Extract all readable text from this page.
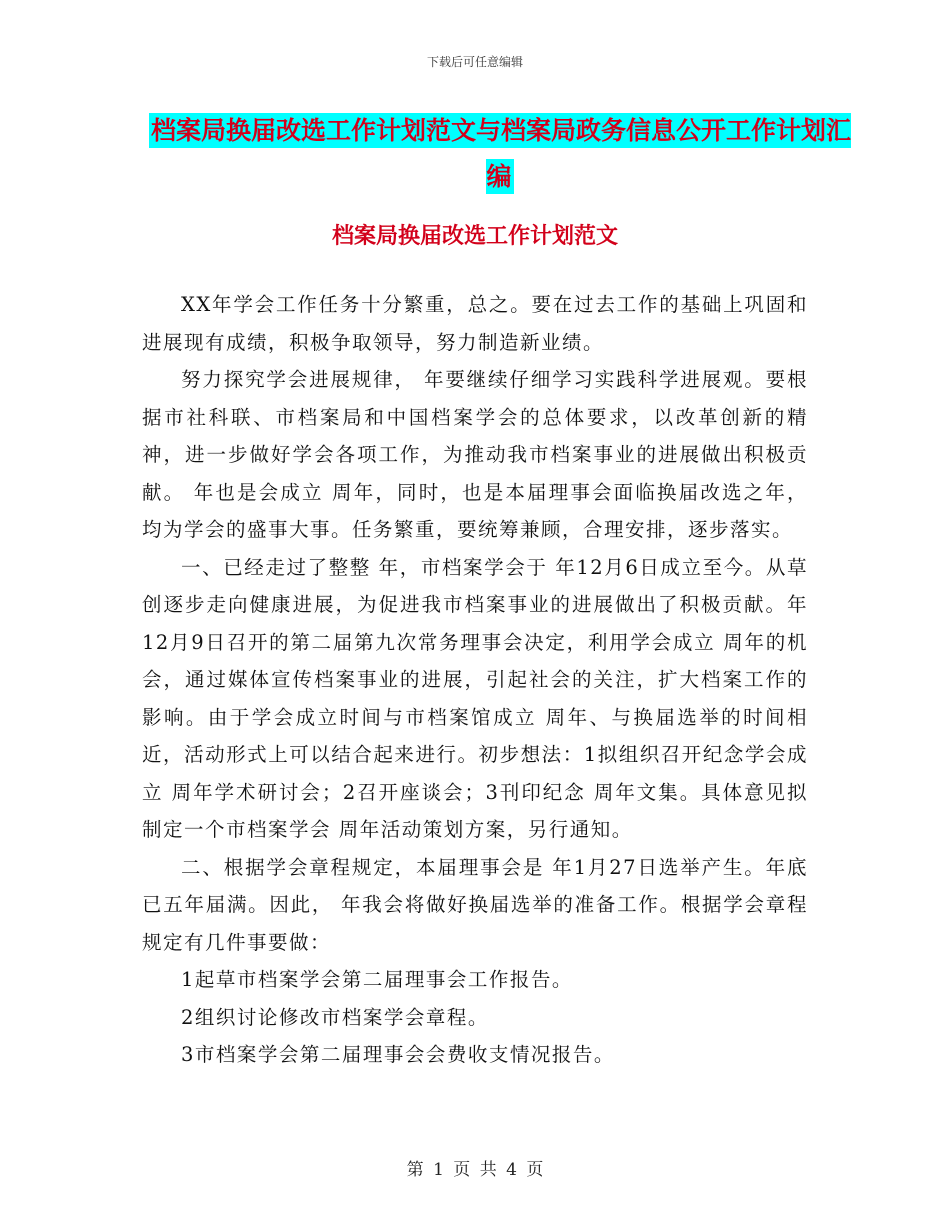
下载后可任意编辑
档案局换届改选工作计划范文与档案局政务信息公开工作计划汇编
档案局换届改选工作计划范文

XX年学会工作任务十分繁重，总之。要在过去工作的基础上巩固和进展现有成绩，积极争取领导，努力制造新业绩。

努力探究学会进展规律， 年要继续仔细学习实践科学进展观。要根据市社科联、市档案局和中国档案学会的总体要求，以改革创新的精神，进一步做好学会各项工作，为推动我市档案事业的进展做出积极贡献。 年也是会成立 周年，同时，也是本届理事会面临换届改选之年，均为学会的盛事大事。任务繁重，要统筹兼顾，合理安排，逐步落实。

一、已经走过了整整 年，市档案学会于 年12月6日成立至今。从草创逐步走向健康进展，为促进我市档案事业的进展做出了积极贡献。年12月9日召开的第二届第九次常务理事会决定，利用学会成立 周年的机会，通过媒体宣传档案事业的进展，引起社会的关注，扩大档案工作的影响。由于学会成立时间与市档案馆成立 周年、与换届选举的时间相近，活动形式上可以结合起来进行。初步想法：1拟组织召开纪念学会成立 周年学术研讨会；2召开座谈会；3刊印纪念 周年文集。具体意见拟制定一个市档案学会 周年活动策划方案，另行通知。

二、根据学会章程规定，本届理事会是 年1月27日选举产生。年底已五年届满。因此， 年我会将做好换届选举的准备工作。根据学会章程规定有几件事要做：

1起草市档案学会第二届理事会工作报告。

2组织讨论修改市档案学会章程。

3市档案学会第二届理事会会费收支情况报告。

第 1 页 共 4 页
